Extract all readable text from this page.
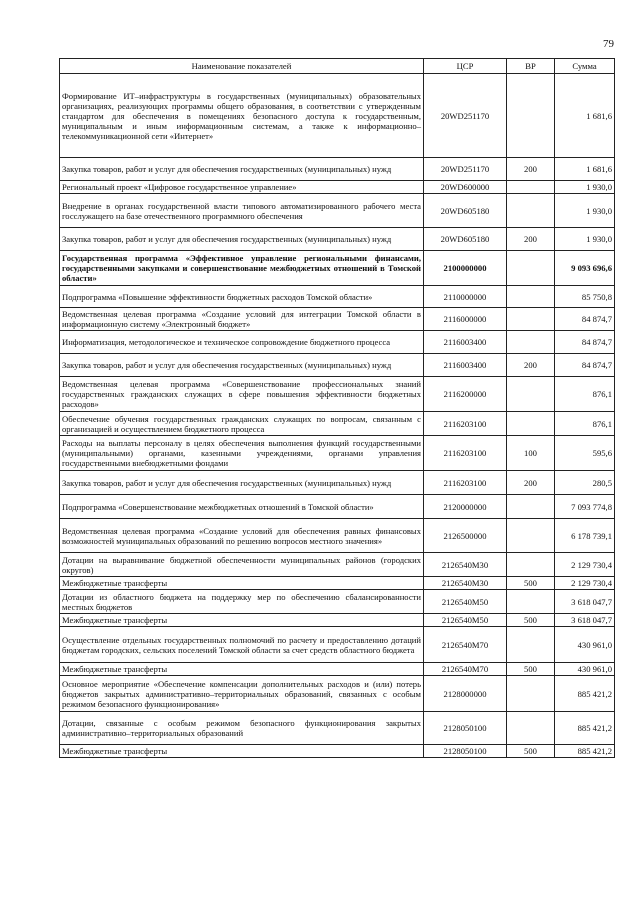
79
Наименование показателей	ЦСР	ВР	Сумма
Формирование ИТ–инфраструктуры в государственных (муниципальных) образовательных организациях, реализующих программы общего образования, в соответствии с утвержденным стандартом для обеспечения в помещениях безопасного доступа к государственным, муниципальным и иным информационным системам, а также к информационно–телекоммуникационной сети «Интернет»	20WD251170		1 681,6
Закупка товаров, работ и услуг для обеспечения государственных (муниципальных) нужд	20WD251170	200	1 681,6
Региональный проект «Цифровое государственное управление»	20WD600000		1 930,0
Внедрение в органах государственной власти типового автоматизированного рабочего места госслужащего на базе отечественного программного обеспечения	20WD605180		1 930,0
Закупка товаров, работ и услуг для обеспечения государственных (муниципальных) нужд	20WD605180	200	1 930,0
Государственная программа «Эффективное управление региональными финансами, государственными закупками и совершенствование межбюджетных отношений в Томской области»	2100000000		9 093 696,6
Подпрограмма «Повышение эффективности бюджетных расходов Томской области»	2110000000		85 750,8
Ведомственная целевая программа «Создание условий для интеграции Томской области в информационную систему «Электронный бюджет»	2116000000		84 874,7
Информатизация, методологическое и техническое сопровождение бюджетного процесса	2116003400		84 874,7
Закупка товаров, работ и услуг для обеспечения государственных (муниципальных) нужд	2116003400	200	84 874,7
Ведомственная целевая программа «Совершенствование профессиональных знаний государственных гражданских служащих в сфере повышения эффективности бюджетных расходов»	2116200000		876,1
Обеспечение обучения государственных гражданских служащих по вопросам, связанным с организацией и осуществлением бюджетного процесса	2116203100		876,1
Расходы на выплаты персоналу в целях обеспечения выполнения функций государственными (муниципальными) органами, казенными учреждениями, органами управления государственными внебюджетными фондами	2116203100	100	595,6
Закупка товаров, работ и услуг для обеспечения государственных (муниципальных) нужд	2116203100	200	280,5
Подпрограмма «Совершенствование межбюджетных отношений в Томской области»	2120000000		7 093 774,8
Ведомственная целевая программа «Создание условий для обеспечения равных финансовых возможностей муниципальных образований по решению вопросов местного значения»	2126500000		6 178 739,1
Дотации на выравнивание бюджетной обеспеченности муниципальных районов (городских округов)	2126540М30		2 129 730,4
Межбюджетные трансферты	2126540М30	500	2 129 730,4
Дотации из областного бюджета на поддержку мер по обеспечению сбалансированности местных бюджетов	2126540М50		3 618 047,7
Межбюджетные трансферты	2126540М50	500	3 618 047,7
Осуществление отдельных государственных полномочий по расчету и предоставлению дотаций бюджетам городских, сельских поселений Томской области за счет средств областного бюджета	2126540М70		430 961,0
Межбюджетные трансферты	2126540М70	500	430 961,0
Основное мероприятие «Обеспечение компенсации дополнительных расходов и (или) потерь бюджетов закрытых административно–территориальных образований, связанных с особым режимом безопасного функционирования»	2128000000		885 421,2
Дотации, связанные с особым режимом безопасного функционирования закрытых административно–территориальных образований	2128050100		885 421,2
Межбюджетные трансферты	2128050100	500	885 421,2
